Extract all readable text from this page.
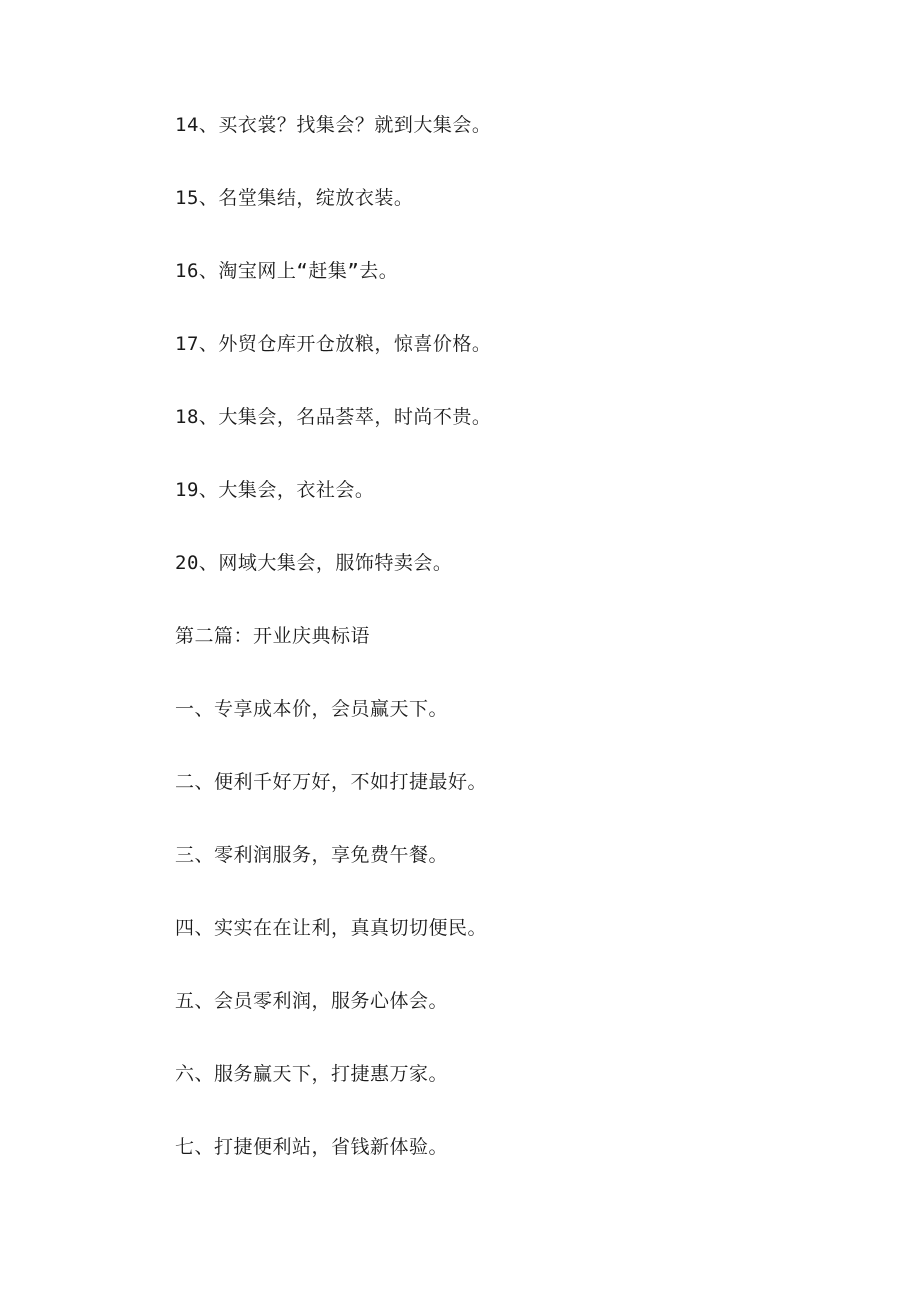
14、买衣裳？找集会？就到大集会。
15、名堂集结，绽放衣装。
16、淘宝网上“赶集”去。
17、外贸仓库开仓放粮，惊喜价格。
18、大集会，名品荟萃，时尚不贵。
19、大集会，衣社会。
20、网域大集会，服饰特卖会。
第二篇：开业庆典标语
一、专享成本价，会员赢天下。
二、便利千好万好，不如打捷最好。
三、零利润服务，享免费午餐。
四、实实在在让利，真真切切便民。
五、会员零利润，服务心体会。
六、服务赢天下，打捷惠万家。
七、打捷便利站，省钱新体验。
